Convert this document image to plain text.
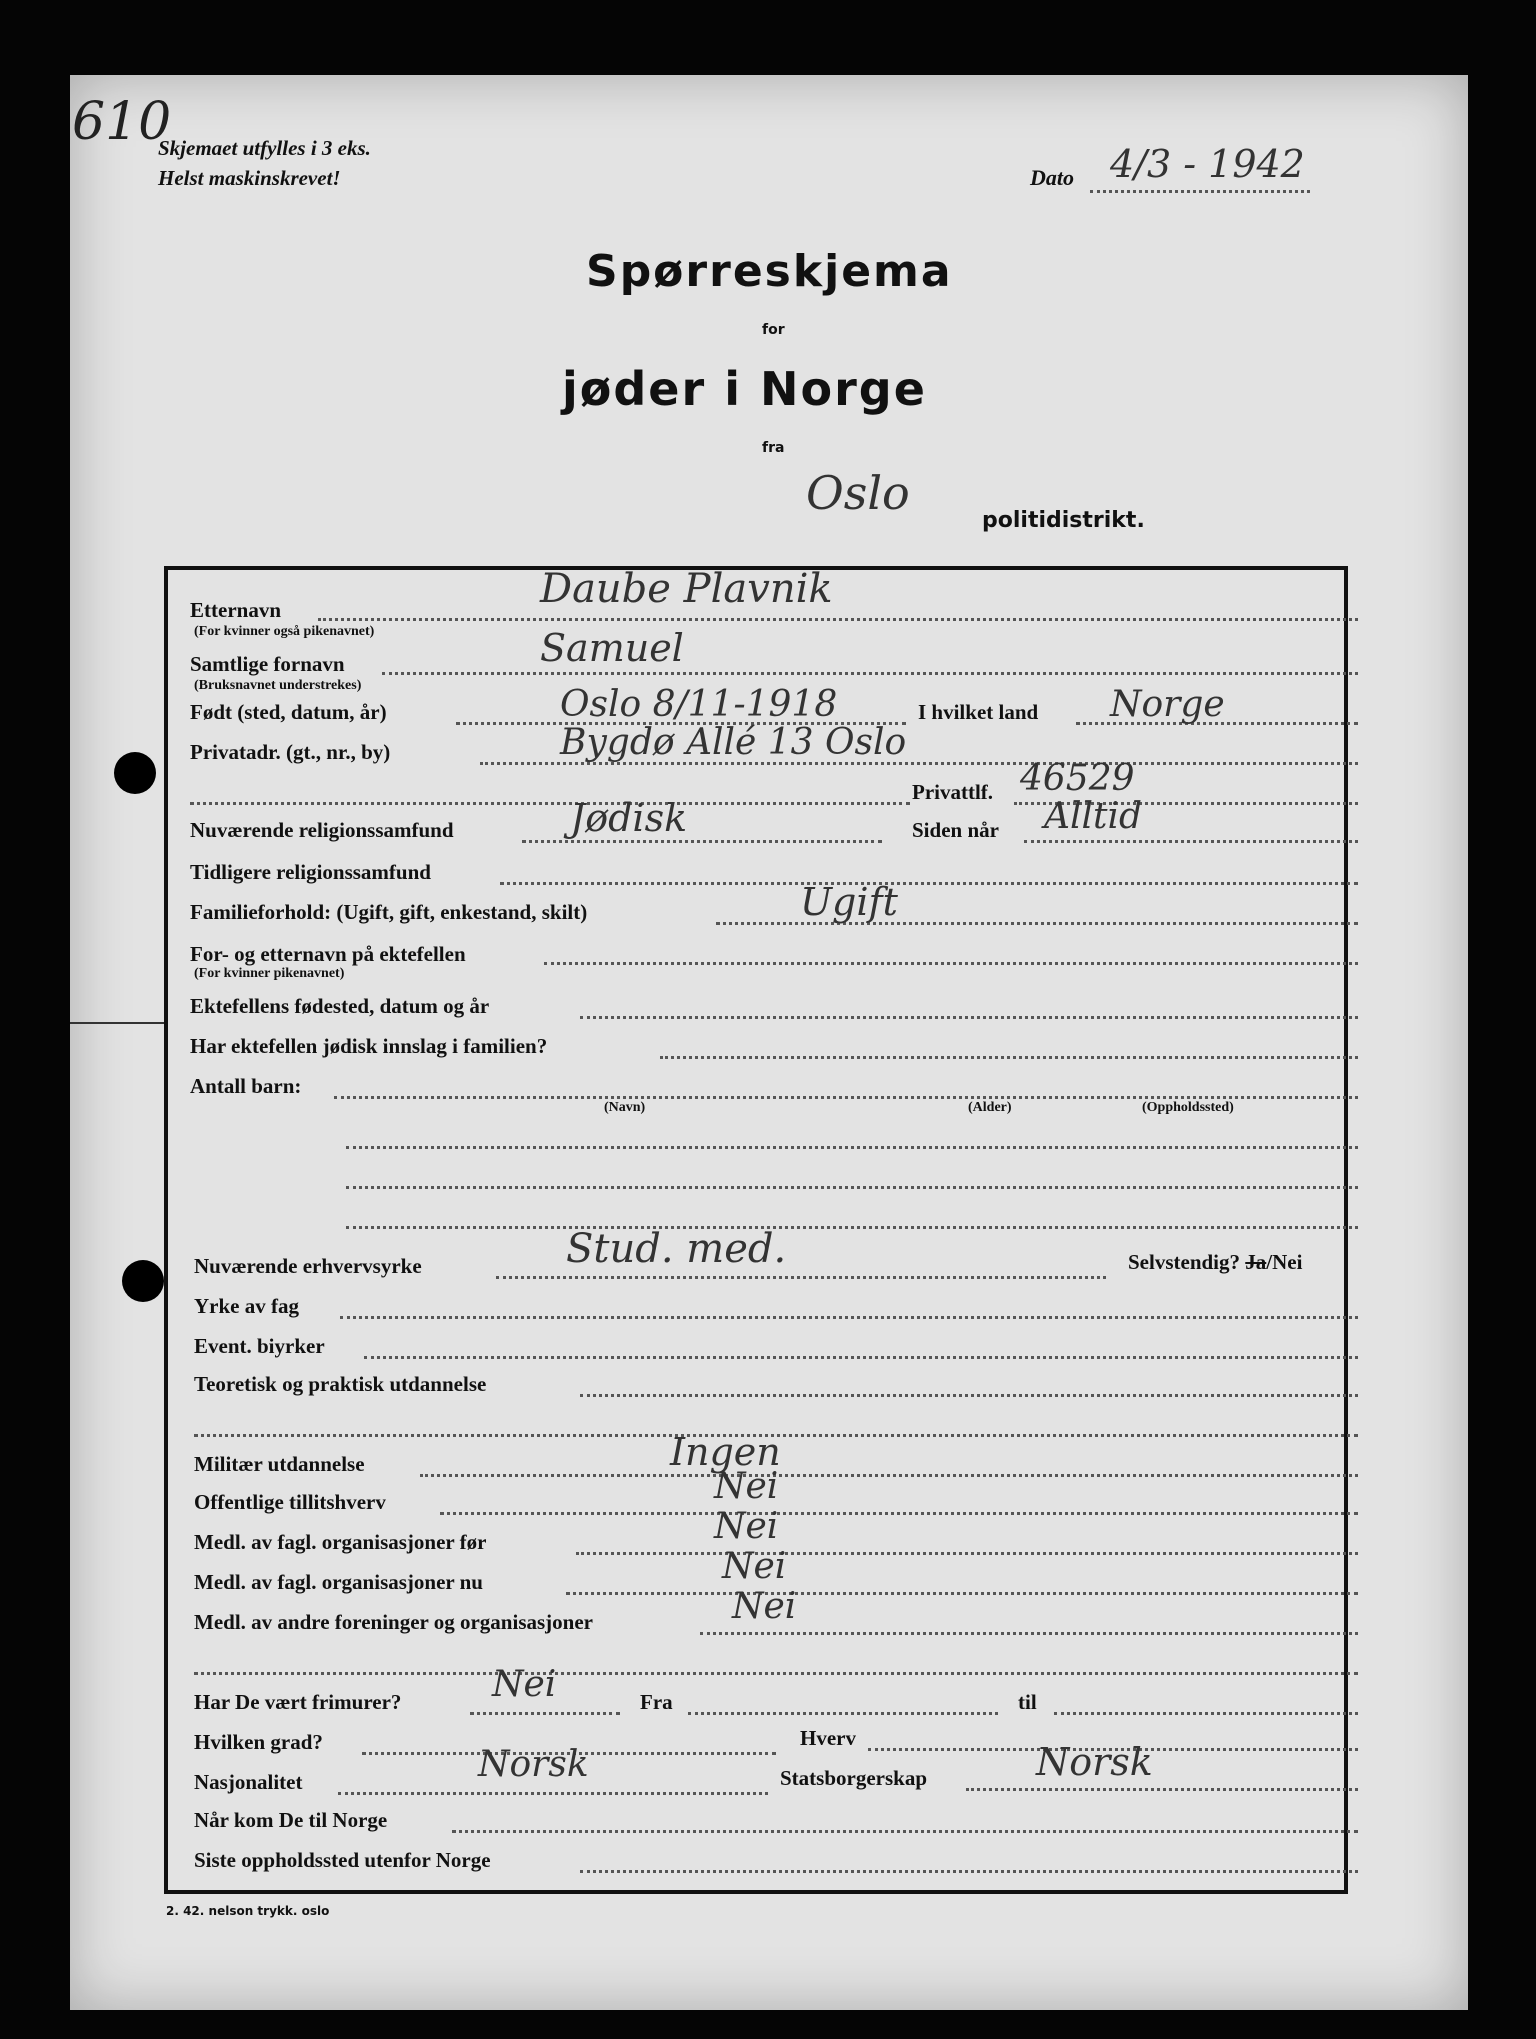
610
Skjemaet utfylles i 3 eks.
Helst maskinskrevet!	Dato 4/3 - 1942
Spørreskjema
for
jøder i Norge
fra
Oslo
politidistrikt.
Etternavn
(For kvinner også pikenavnet)
Daube Plavnik
Samtlige fornavn
(Bruksnavnet understrekes)
Samuel
Født (sted, datum, år)	Oslo 8/11-1918	I hvilket land Norge
Privatadr. (gt., nr., by)	Bygdø Allé 13 Oslo
Privattlf. 46529
Nuværende religionssamfund	Jødisk	Siden når Alltid
Tidligere religionssamfund
Familieforhold: (Ugift, gift, enkestand, skilt)	Ugift
For- og etternavn på ektefellen
(For kvinner pikenavnet)
Ektefellens fødested, datum og år
Har ektefellen jødisk innslag i familien?
Antall barn:
(Navn)	(Alder)	(Oppholdssted)
Nuværende erhvervsyrke	Stud. med.	Selvstendig? Ja/Nei
Yrke av fag
Event. biyrker
Teoretisk og praktisk utdannelse
Militær utdannelse	Ingen
Offentlige tillitshverv	Nei
Medl. av fagl. organisasjoner før	Nei
Medl. av fagl. organisasjoner nu	Nei
Medl. av andre foreninger og organisasjoner	Nei
Har De vært frimurer?	Nei	Fra	til
Hvilken grad?	Hverv
Nasjonalitet	Norsk	Statsborgerskap	Norsk
Når kom De til Norge
Siste oppholdssted utenfor Norge
2. 42. nelson trykk. oslo
